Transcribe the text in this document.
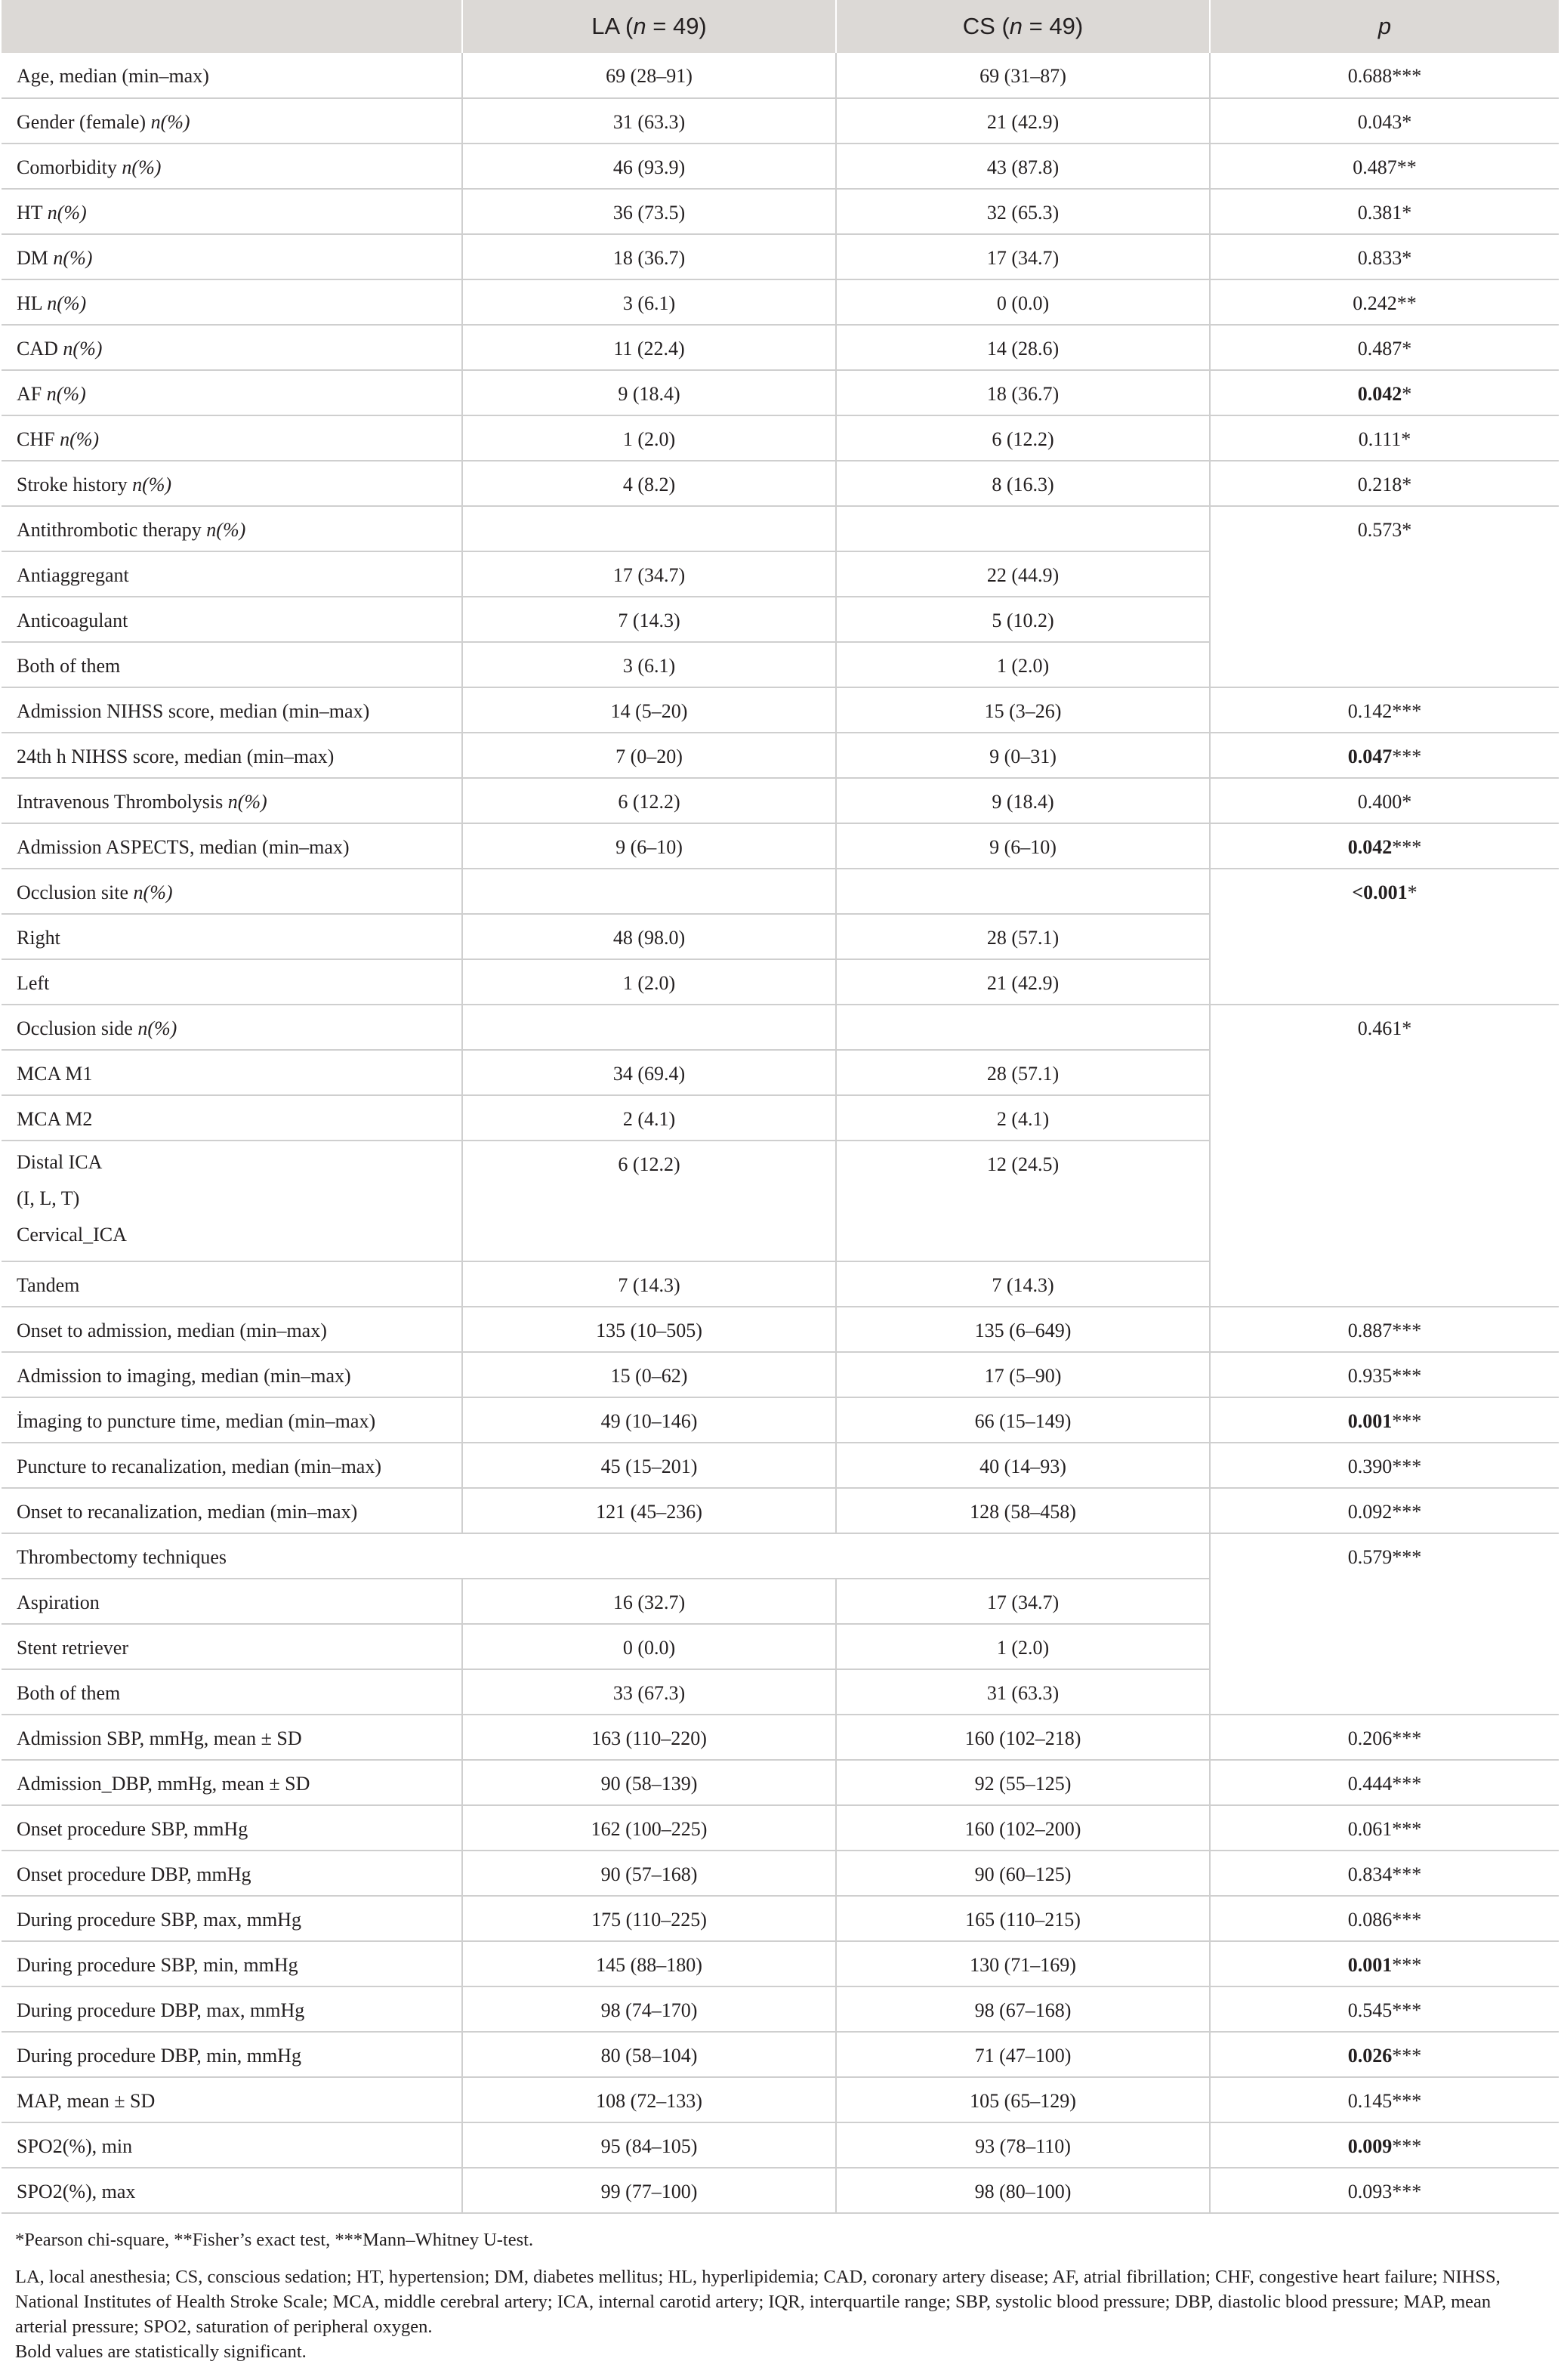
	LA (n = 49)	CS (n = 49)	p
Age, median (min–max)	69 (28–91)	69 (31–87)	0.688***
Gender (female) n(%)	31 (63.3)	21 (42.9)	0.043*
Comorbidity n(%)	46 (93.9)	43 (87.8)	0.487**
HT n(%)	36 (73.5)	32 (65.3)	0.381*
DM n(%)	18 (36.7)	17 (34.7)	0.833*
HL n(%)	3 (6.1)	0 (0.0)	0.242**
CAD n(%)	11 (22.4)	14 (28.6)	0.487*
AF n(%)	9 (18.4)	18 (36.7)	0.042*
CHF n(%)	1 (2.0)	6 (12.2)	0.111*
Stroke history n(%)	4 (8.2)	8 (16.3)	0.218*
Antithrombotic therapy n(%)			0.573*
Antiaggregant	17 (34.7)	22 (44.9)	
Anticoagulant	7 (14.3)	5 (10.2)	
Both of them	3 (6.1)	1 (2.0)	
Admission NIHSS score, median (min–max)	14 (5–20)	15 (3–26)	0.142***
24th h NIHSS score, median (min–max)	7 (0–20)	9 (0–31)	0.047***
Intravenous Thrombolysis n(%)	6 (12.2)	9 (18.4)	0.400*
Admission ASPECTS, median (min–max)	9 (6–10)	9 (6–10)	0.042***
Occlusion site n(%)			<0.001*
Right	48 (98.0)	28 (57.1)	
Left	1 (2.0)	21 (42.9)	
Occlusion side n(%)			0.461*
MCA M1	34 (69.4)	28 (57.1)	
MCA M2	2 (4.1)	2 (4.1)	

Distal ICA
(I, L, T)
Cervical_ICA	6 (12.2)	12 (24.5)	
Tandem	7 (14.3)	7 (14.3)	
Onset to admission, median (min–max)	135 (10–505)	135 (6–649)	0.887***
Admission to imaging, median (min–max)	15 (0–62)	17 (5–90)	0.935***
İmaging to puncture time, median (min–max)	49 (10–146)	66 (15–149)	0.001***
Puncture to recanalization, median (min–max)	45 (15–201)	40 (14–93)	0.390***
Onset to recanalization, median (min–max)	121 (45–236)	128 (58–458)	0.092***
Thrombectomy techniques			0.579***
Aspiration	16 (32.7)	17 (34.7)	
Stent retriever	0 (0.0)	1 (2.0)	
Both of them	33 (67.3)	31 (63.3)	
Admission SBP, mmHg, mean ± SD	163 (110–220)	160 (102–218)	0.206***
Admission_DBP, mmHg, mean ± SD	90 (58–139)	92 (55–125)	0.444***
Onset procedure SBP, mmHg	162 (100–225)	160 (102–200)	0.061***
Onset procedure DBP, mmHg	90 (57–168)	90 (60–125)	0.834***
During procedure SBP, max, mmHg	175 (110–225)	165 (110–215)	0.086***
During procedure SBP, min, mmHg	145 (88–180)	130 (71–169)	0.001***
During procedure DBP, max, mmHg	98 (74–170)	98 (67–168)	0.545***
During procedure DBP, min, mmHg	80 (58–104)	71 (47–100)	0.026***
MAP, mean ± SD	108 (72–133)	105 (65–129)	0.145***
SPO2(%), min	95 (84–105)	93 (78–110)	0.009***
SPO2(%), max	99 (77–100)	98 (80–100)	0.093***

*Pearson chi-square, **Fisher’s exact test, ***Mann–Whitney U-test.

LA, local anesthesia; CS, conscious sedation; HT, hypertension; DM, diabetes mellitus; HL, hyperlipidemia; CAD, coronary artery disease; AF, atrial fibrillation; CHF, congestive heart failure; NIHSS, National Institutes of Health Stroke Scale; MCA, middle cerebral artery; ICA, internal carotid artery; IQR, interquartile range; SBP, systolic blood pressure; DBP, diastolic blood pressure; MAP, mean arterial pressure; SPO2, saturation of peripheral oxygen.

Bold values are statistically significant.
